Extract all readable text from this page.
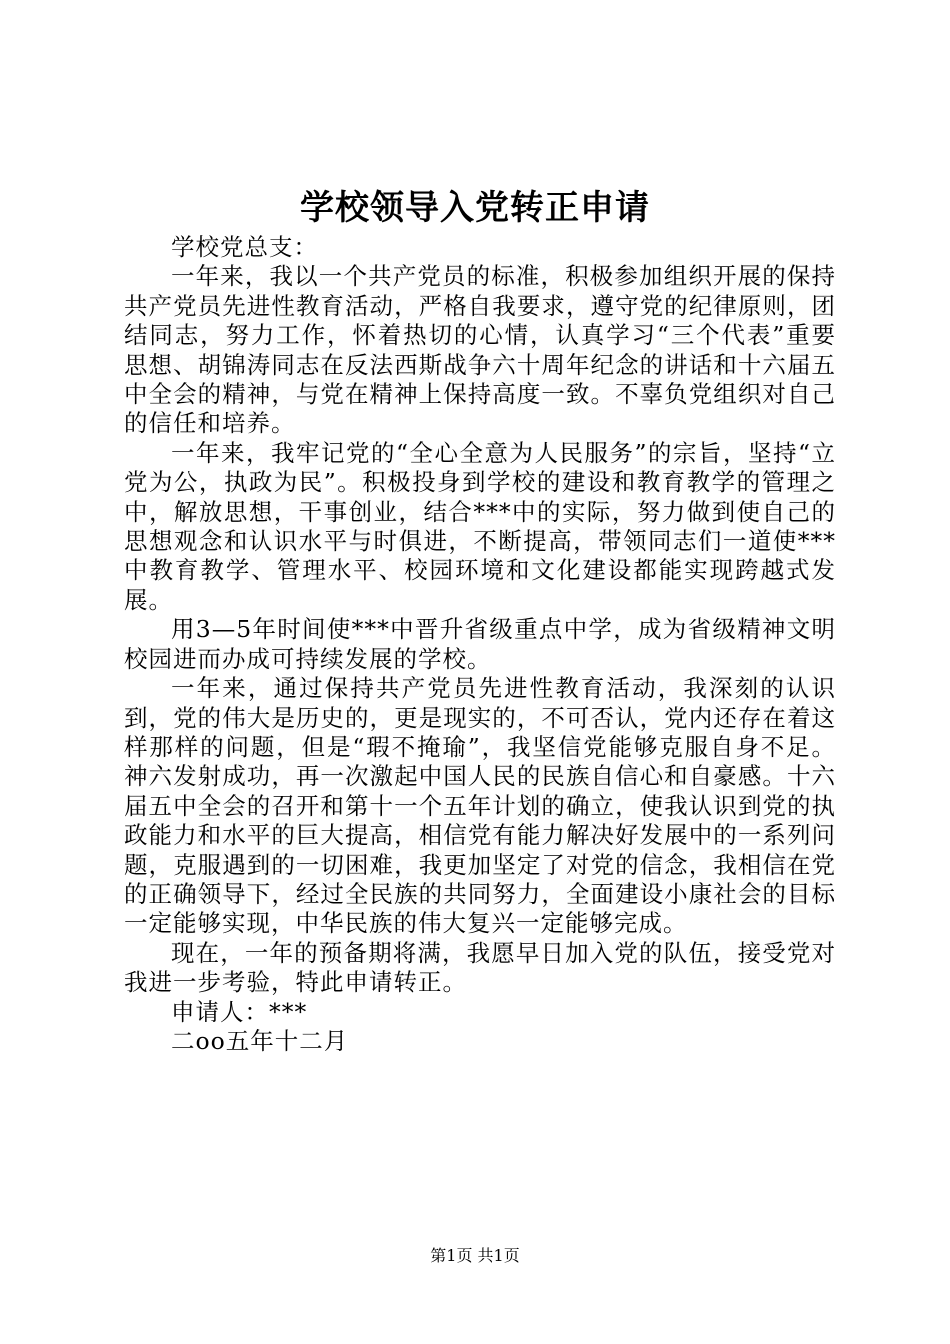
学校领导入党转正申请

学校党总支：

一年来，我以一个共产党员的标准，积极参加组织开展的保持共产党员先进性教育活动，严格自我要求，遵守党的纪律原则，团结同志，努力工作，怀着热切的心情，认真学习“三个代表”重要思想、胡锦涛同志在反法西斯战争六十周年纪念的讲话和十六届五中全会的精神，与党在精神上保持高度一致。不辜负党组织对自己的信任和培养。

一年来，我牢记党的“全心全意为人民服务”的宗旨，坚持“立党为公，执政为民”。积极投身到学校的建设和教育教学的管理之中，解放思想，干事创业，结合***中的实际，努力做到使自己的思想观念和认识水平与时俱进，不断提高，带领同志们一道使***中教育教学、管理水平、校园环境和文化建设都能实现跨越式发展。

用3—5年时间使***中晋升省级重点中学，成为省级精神文明校园进而办成可持续发展的学校。

一年来，通过保持共产党员先进性教育活动，我深刻的认识到，党的伟大是历史的，更是现实的，不可否认，党内还存在着这样那样的问题，但是“瑕不掩瑜”，我坚信党能够克服自身不足。神六发射成功，再一次激起中国人民的民族自信心和自豪感。十六届五中全会的召开和第十一个五年计划的确立，使我认识到党的执政能力和水平的巨大提高，相信党有能力解决好发展中的一系列问题，克服遇到的一切困难，我更加坚定了对党的信念，我相信在党的正确领导下，经过全民族的共同努力，全面建设小康社会的目标一定能够实现，中华民族的伟大复兴一定能够完成。

现在，一年的预备期将满，我愿早日加入党的队伍，接受党对我进一步考验，特此申请转正。

申请人：***

二oo五年十二月

第1页 共1页
